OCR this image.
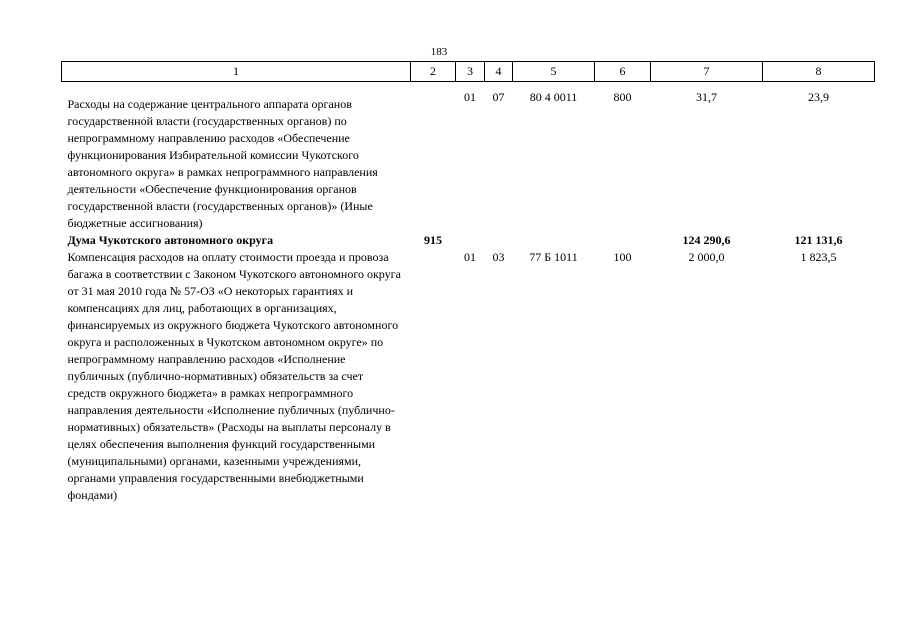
183
1	2	3	4	5	6	7	8
Расходы на содержание центрального аппарата органов государственной власти (государственных органов) по непрограммному направлению расходов «Обеспечение функционирования Избирательной комиссии Чукотского автономного округа» в рамках непрограммного направления деятельности «Обеспечение функционирования органов государственной власти (государственных органов)» (Иные бюджетные ассигнования)		01	07	80 4 0011	800	31,7	23,9
Дума Чукотского автономного округа	915					124 290,6	121 131,6
Компенсация расходов на оплату стоимости проезда и провоза багажа в соответствии с Законом Чукотского автономного округа от 31 мая 2010 года № 57-ОЗ «О некоторых гарантиях и компенсациях для лиц, работающих в организациях, финансируемых из окружного бюджета Чукотского автономного округа и расположенных в Чукотском автономном округе» по непрограммному направлению расходов «Исполнение публичных (публично-нормативных) обязательств за счет средств окружного бюджета» в рамках непрограммного направления деятельности «Исполнение публичных (публично-нормативных) обязательств» (Расходы на выплаты персоналу в целях обеспечения выполнения функций государственными (муниципальными) органами, казенными учреждениями, органами управления государственными внебюджетными фондами)		01	03	77 Б 1011	100	2 000,0	1 823,5
